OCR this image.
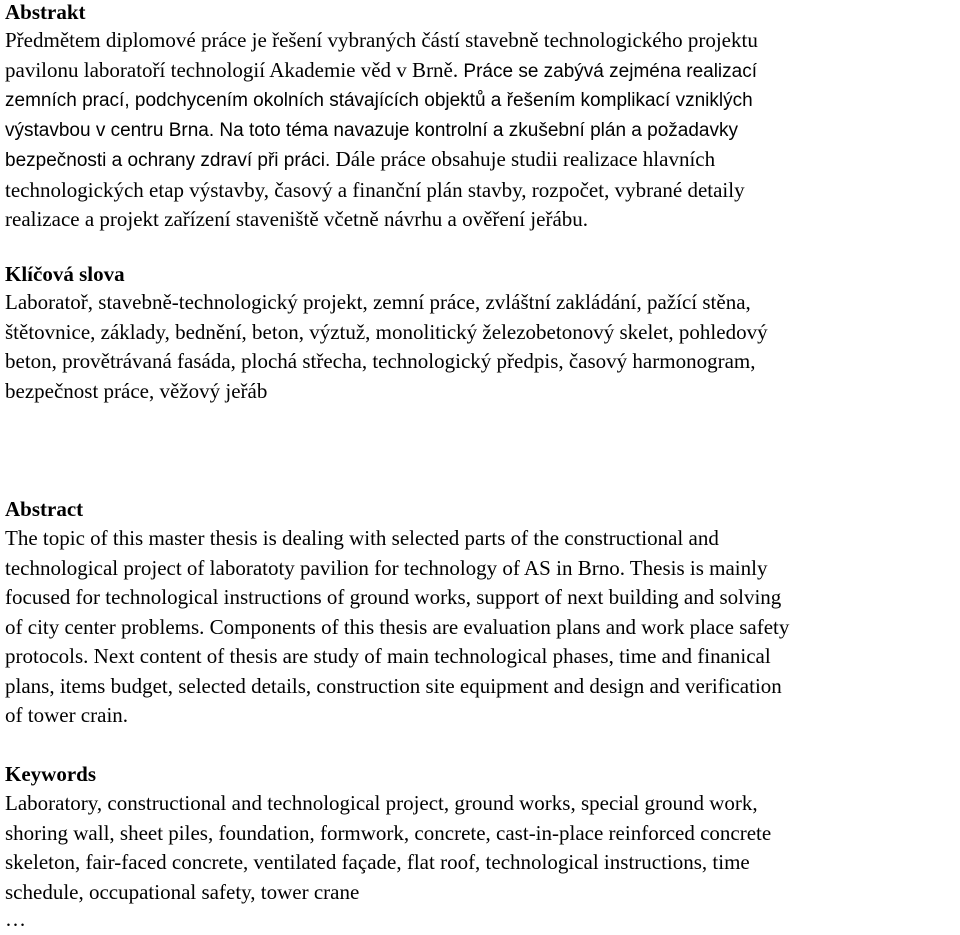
Abstrakt
Předmětem diplomové práce je řešení vybraných částí stavebně technologického projektu
pavilonu laboratoří technologií Akademie věd v Brně. Práce se zabývá zejména realizací
zemních prací, podchycením okolních stávajících objektů a řešením komplikací vzniklých
výstavbou v centru Brna. Na toto téma navazuje kontrolní a zkušební plán a požadavky
bezpečnosti a ochrany zdraví při práci. Dále práce obsahuje studii realizace hlavních
technologických etap výstavby, časový a finanční plán stavby, rozpočet, vybrané detaily
realizace a projekt zařízení staveniště včetně návrhu a ověření jeřábu.
Klíčová slova
Laboratoř, stavebně-technologický projekt, zemní práce, zvláštní zakládání, pažící stěna,
štětovnice, základy, bednění, beton, výztuž, monolitický železobetonový skelet, pohledový
beton, provětrávaná fasáda, plochá střecha, technologický předpis, časový harmonogram,
bezpečnost práce, věžový jeřáb
Abstract
The topic of this master thesis is dealing with selected parts of the constructional and
technological project of laboratoty pavilion for technology of AS in Brno. Thesis is mainly
focused for technological instructions of ground works, support of next building and solving
of city center problems. Components of this thesis are evaluation plans and work place safety
protocols. Next content of thesis are study of main technological phases, time and finanical
plans, items budget, selected details, construction site equipment and design and verification
of tower crain.
Keywords
Laboratory, constructional and technological project, ground works, special ground work,
shoring wall, sheet piles, foundation, formwork, concrete, cast-in-place reinforced concrete
skeleton, fair-faced concrete, ventilated façade, flat roof, technological instructions, time
schedule, occupational safety, tower crane
…
